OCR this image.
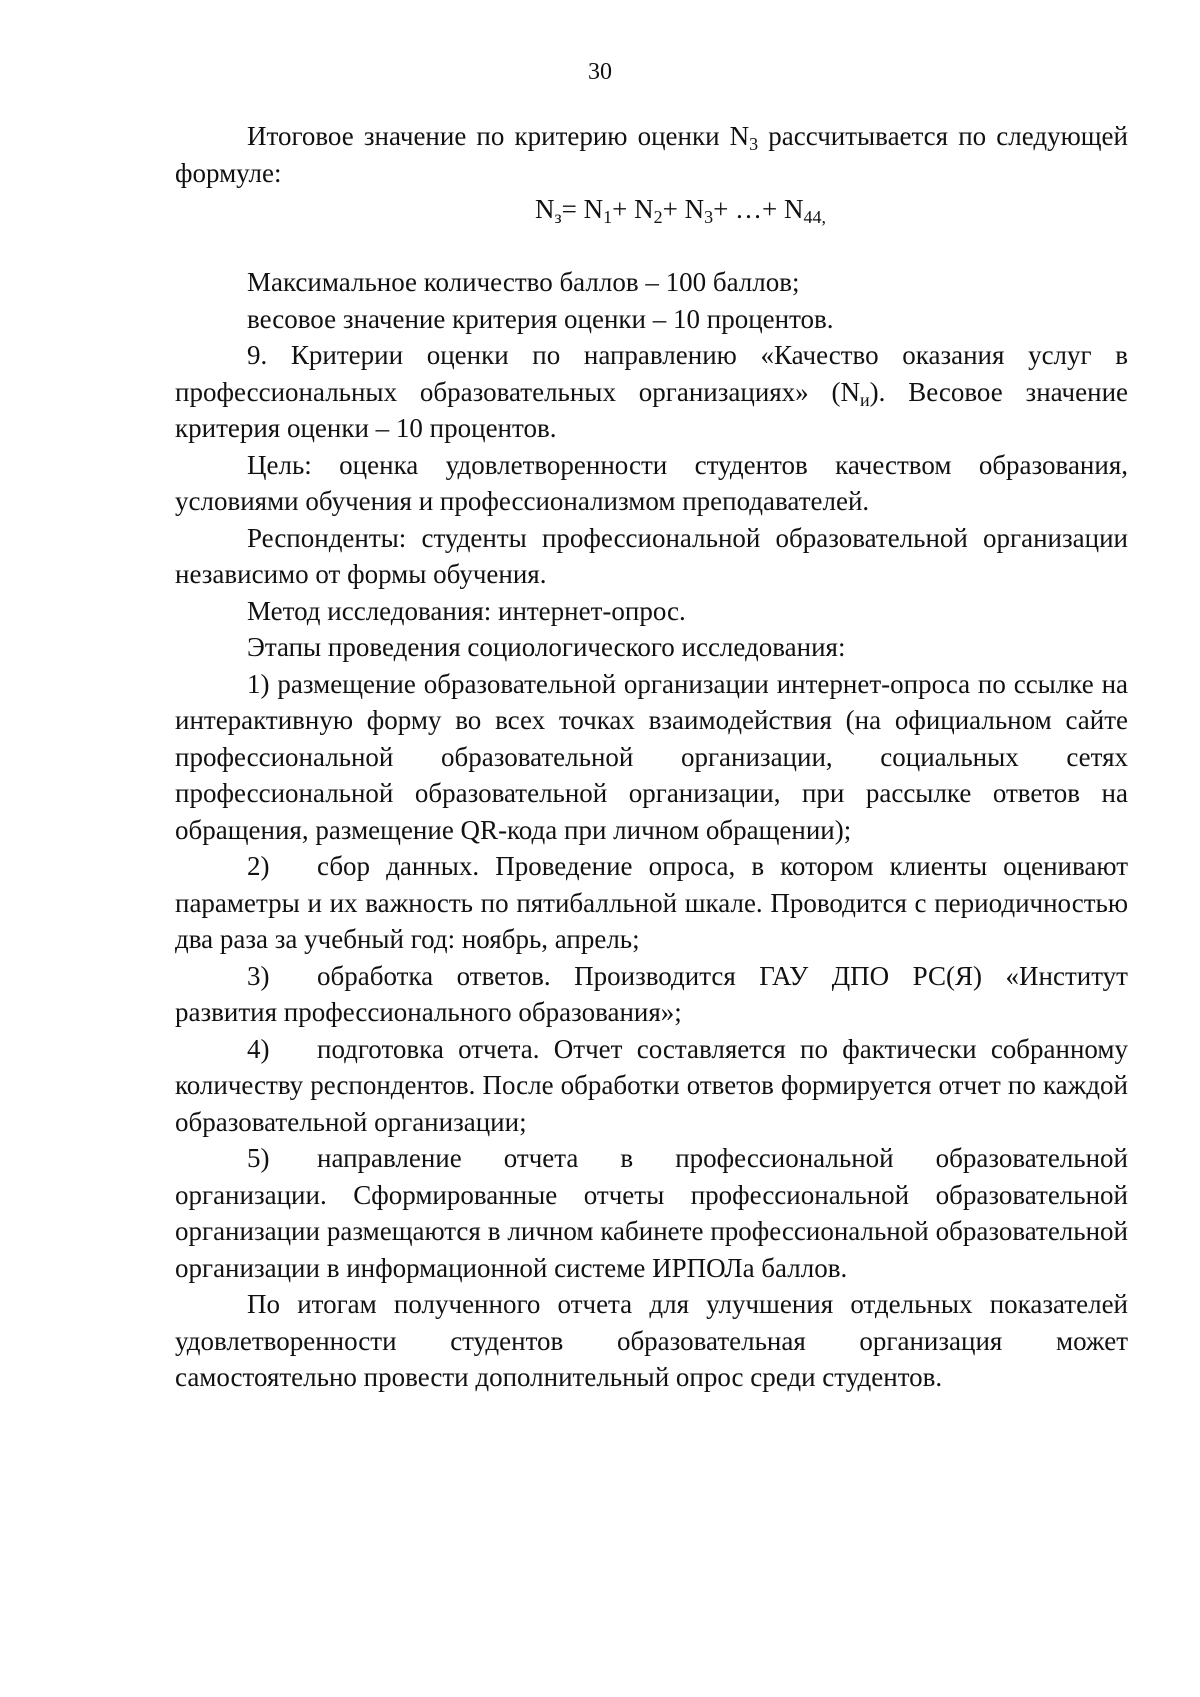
30

Итоговое значение по критерию оценки $N_3$ рассчитывается по следующей формуле:

$N_з= N_1+ N_2+ N_3+$ …+ $N_{44,}$

Максимальное количество баллов – 100 баллов;

весовое значение критерия оценки – 10 процентов.

9. Критерии оценки по направлению «Качество оказания услуг в профессиональных образовательных организациях» $(N_и)$. Весовое значение критерия оценки – 10 процентов.

Цель: оценка удовлетворенности студентов качеством образования, условиями обучения и профессионализмом преподавателей.

Респонденты: студенты профессиональной образовательной организации независимо от формы обучения.

Метод исследования: интернет-опрос.

Этапы проведения социологического исследования:

1) размещение образовательной организации интернет-опроса по ссылке на интерактивную форму во всех точках взаимодействия (на официальном сайте профессиональной образовательной организации, социальных сетях профессиональной образовательной организации, при рассылке ответов на обращения, размещение QR-кода при личном обращении);

2) сбор данных. Проведение опроса, в котором клиенты оценивают параметры и их важность по пятибалльной шкале. Проводится с периодичностью два раза за учебный год: ноябрь, апрель;

3) обработка ответов. Производится ГАУ ДПО РС(Я) «Институт развития профессионального образования»;

4) подготовка отчета. Отчет составляется по фактически собранному количеству респондентов. После обработки ответов формируется отчет по каждой образовательной организации;

5) направление отчета в профессиональной образовательной организации. Сформированные отчеты профессиональной образовательной организации размещаются в личном кабинете профессиональной образовательной организации в информационной системе ИРПОЛа баллов.

По итогам полученного отчета для улучшения отдельных показателей удовлетворенности студентов образовательная организация может самостоятельно провести дополнительный опрос среди студентов.
